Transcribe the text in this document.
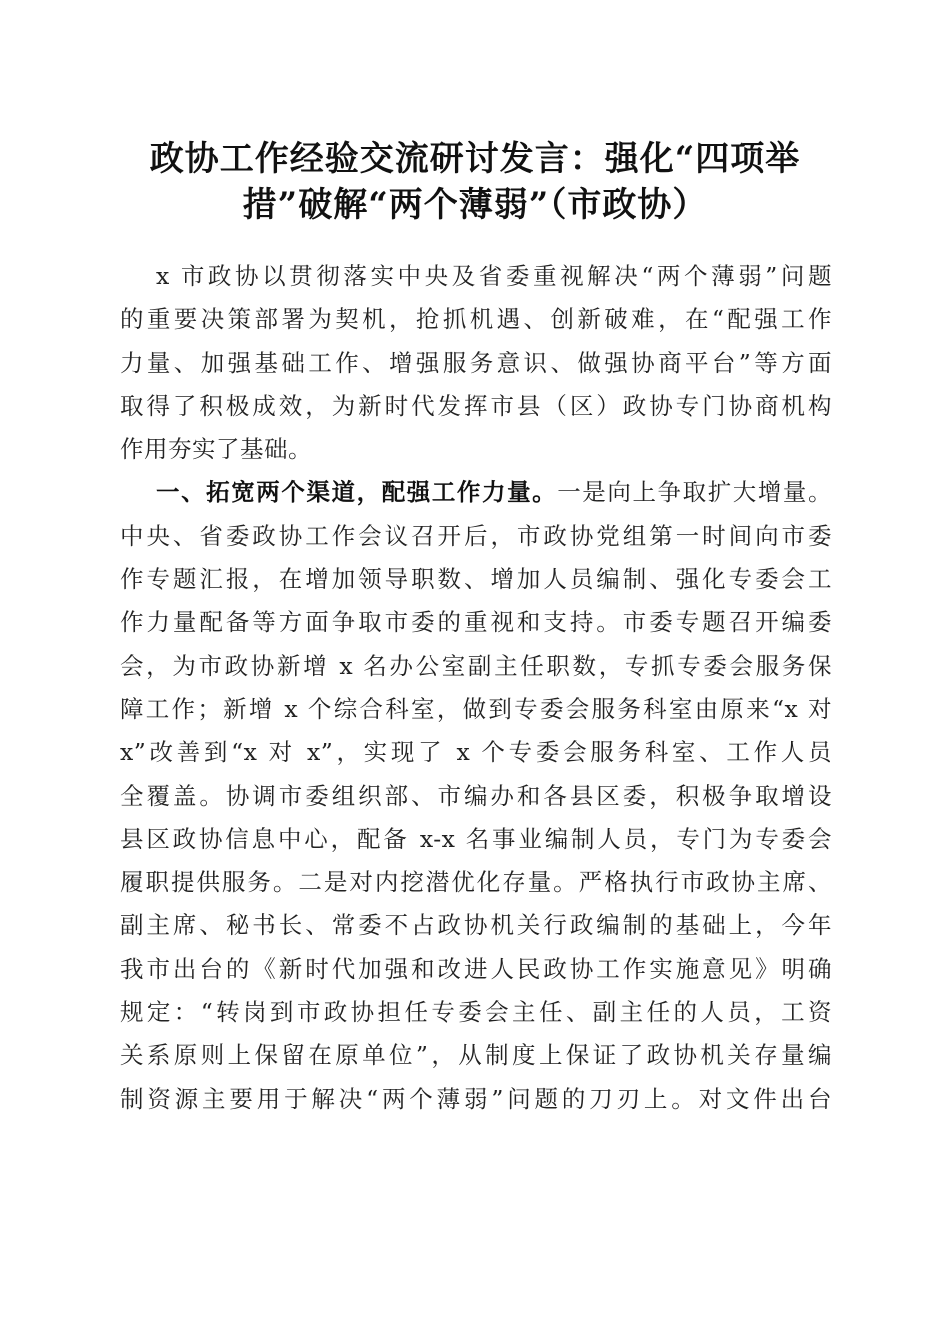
政协工作经验交流研讨发言：强化“四项举
措”破解“两个薄弱”（市政协）
x 市政协以贯彻落实中央及省委重视解决“两个薄弱”问题
的重要决策部署为契机，抢抓机遇、创新破难，在“配强工作
力量、加强基础工作、增强服务意识、做强协商平台”等方面
取得了积极成效，为新时代发挥市县（区）政协专门协商机构
作用夯实了基础。
一、拓宽两个渠道，配强工作力量。一是向上争取扩大增量。
中央、省委政协工作会议召开后，市政协党组第一时间向市委
作专题汇报，在增加领导职数、增加人员编制、强化专委会工
作力量配备等方面争取市委的重视和支持。市委专题召开编委
会，为市政协新增 x 名办公室副主任职数，专抓专委会服务保
障工作；新增 x 个综合科室，做到专委会服务科室由原来“x 对
x”改善到“x 对 x”，实现了 x 个专委会服务科室、工作人员
全覆盖。协调市委组织部、市编办和各县区委，积极争取增设
县区政协信息中心，配备 x-x 名事业编制人员，专门为专委会
履职提供服务。二是对内挖潜优化存量。严格执行市政协主席、
副主席、秘书长、常委不占政协机关行政编制的基础上，今年
我市出台的《新时代加强和改进人民政协工作实施意见》明确
规定：“转岗到市政协担任专委会主任、副主任的人员，工资
关系原则上保留在原单位”，从制度上保证了政协机关存量编
制资源主要用于解决“两个薄弱”问题的刀刃上。对文件出台
